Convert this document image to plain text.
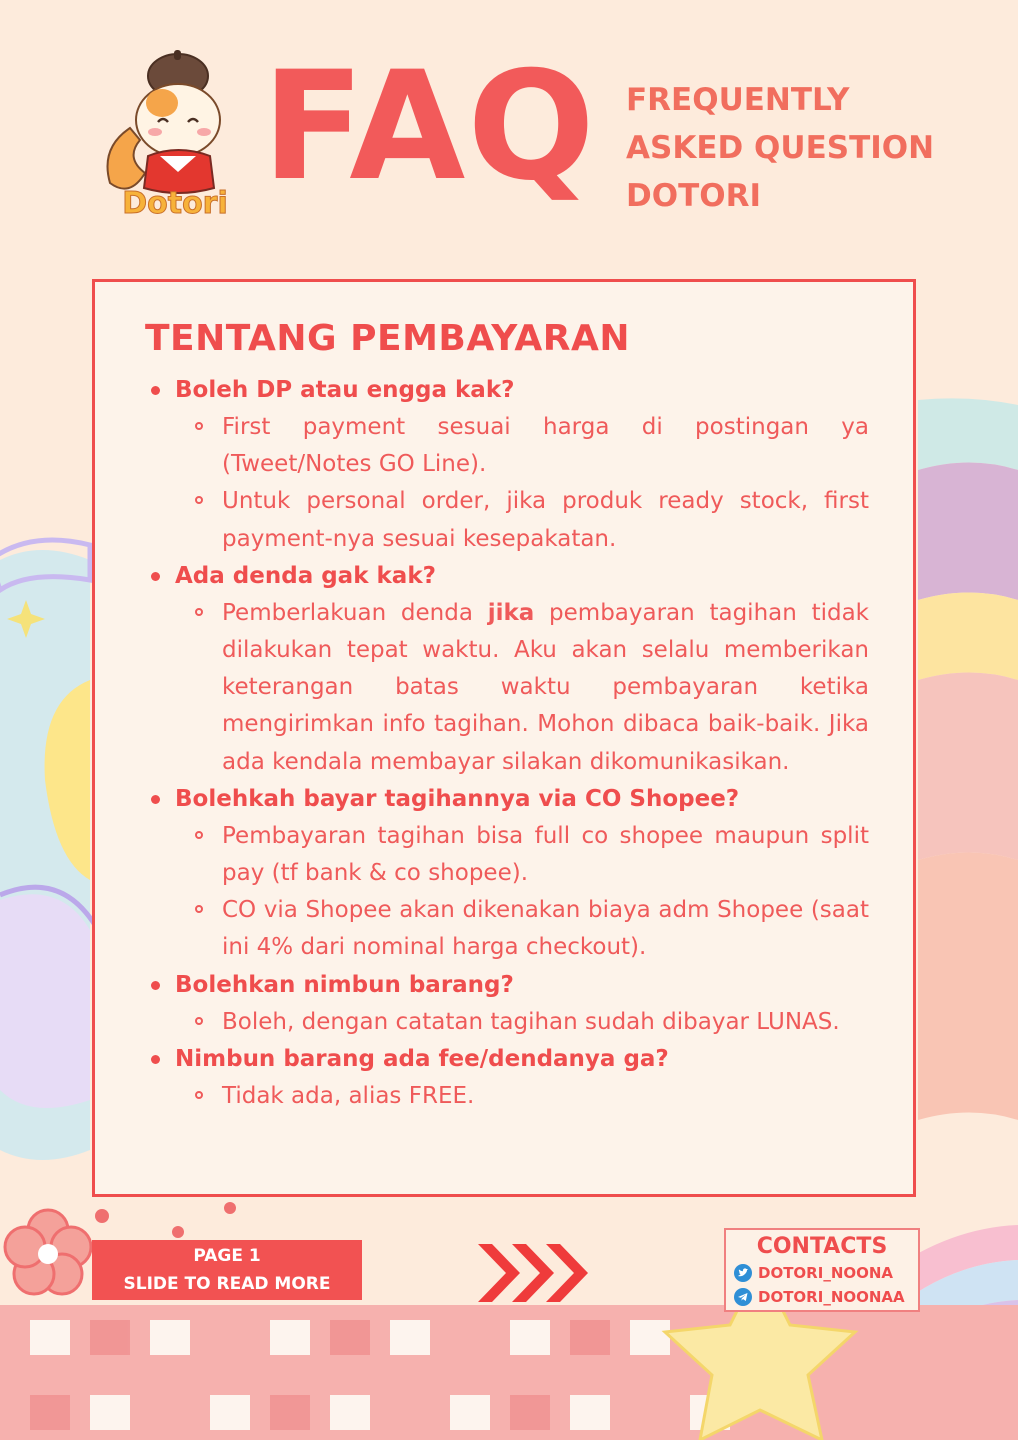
Dotori FAQ FREQUENTLY
ASKED QUESTION
DOTORI
TENTANG PEMBAYARAN
Boleh DP atau engga kak?
First payment sesuai harga di postingan ya (Tweet/Notes GO Line).
Untuk personal order, jika produk ready stock, first payment-nya sesuai kesepakatan.
Ada denda gak kak?
Pemberlakuan denda jika pembayaran tagihan tidak dilakukan tepat waktu. Aku akan selalu memberikan keterangan batas waktu pembayaran ketika mengirimkan info tagihan. Mohon dibaca baik-baik. Jika ada kendala membayar silakan dikomunikasikan.
Bolehkah bayar tagihannya via CO Shopee?
Pembayaran tagihan bisa full co shopee maupun split pay (tf bank & co shopee).
CO via Shopee akan dikenakan biaya adm Shopee (saat ini 4% dari nominal harga checkout).
Bolehkan nimbun barang?
Boleh, dengan catatan tagihan sudah dibayar LUNAS.
Nimbun barang ada fee/dendanya ga?
Tidak ada, alias FREE.
PAGE 1
SLIDE TO READ MORE
CONTACTS
DOTORI_NOONA
DOTORI_NOONAA
